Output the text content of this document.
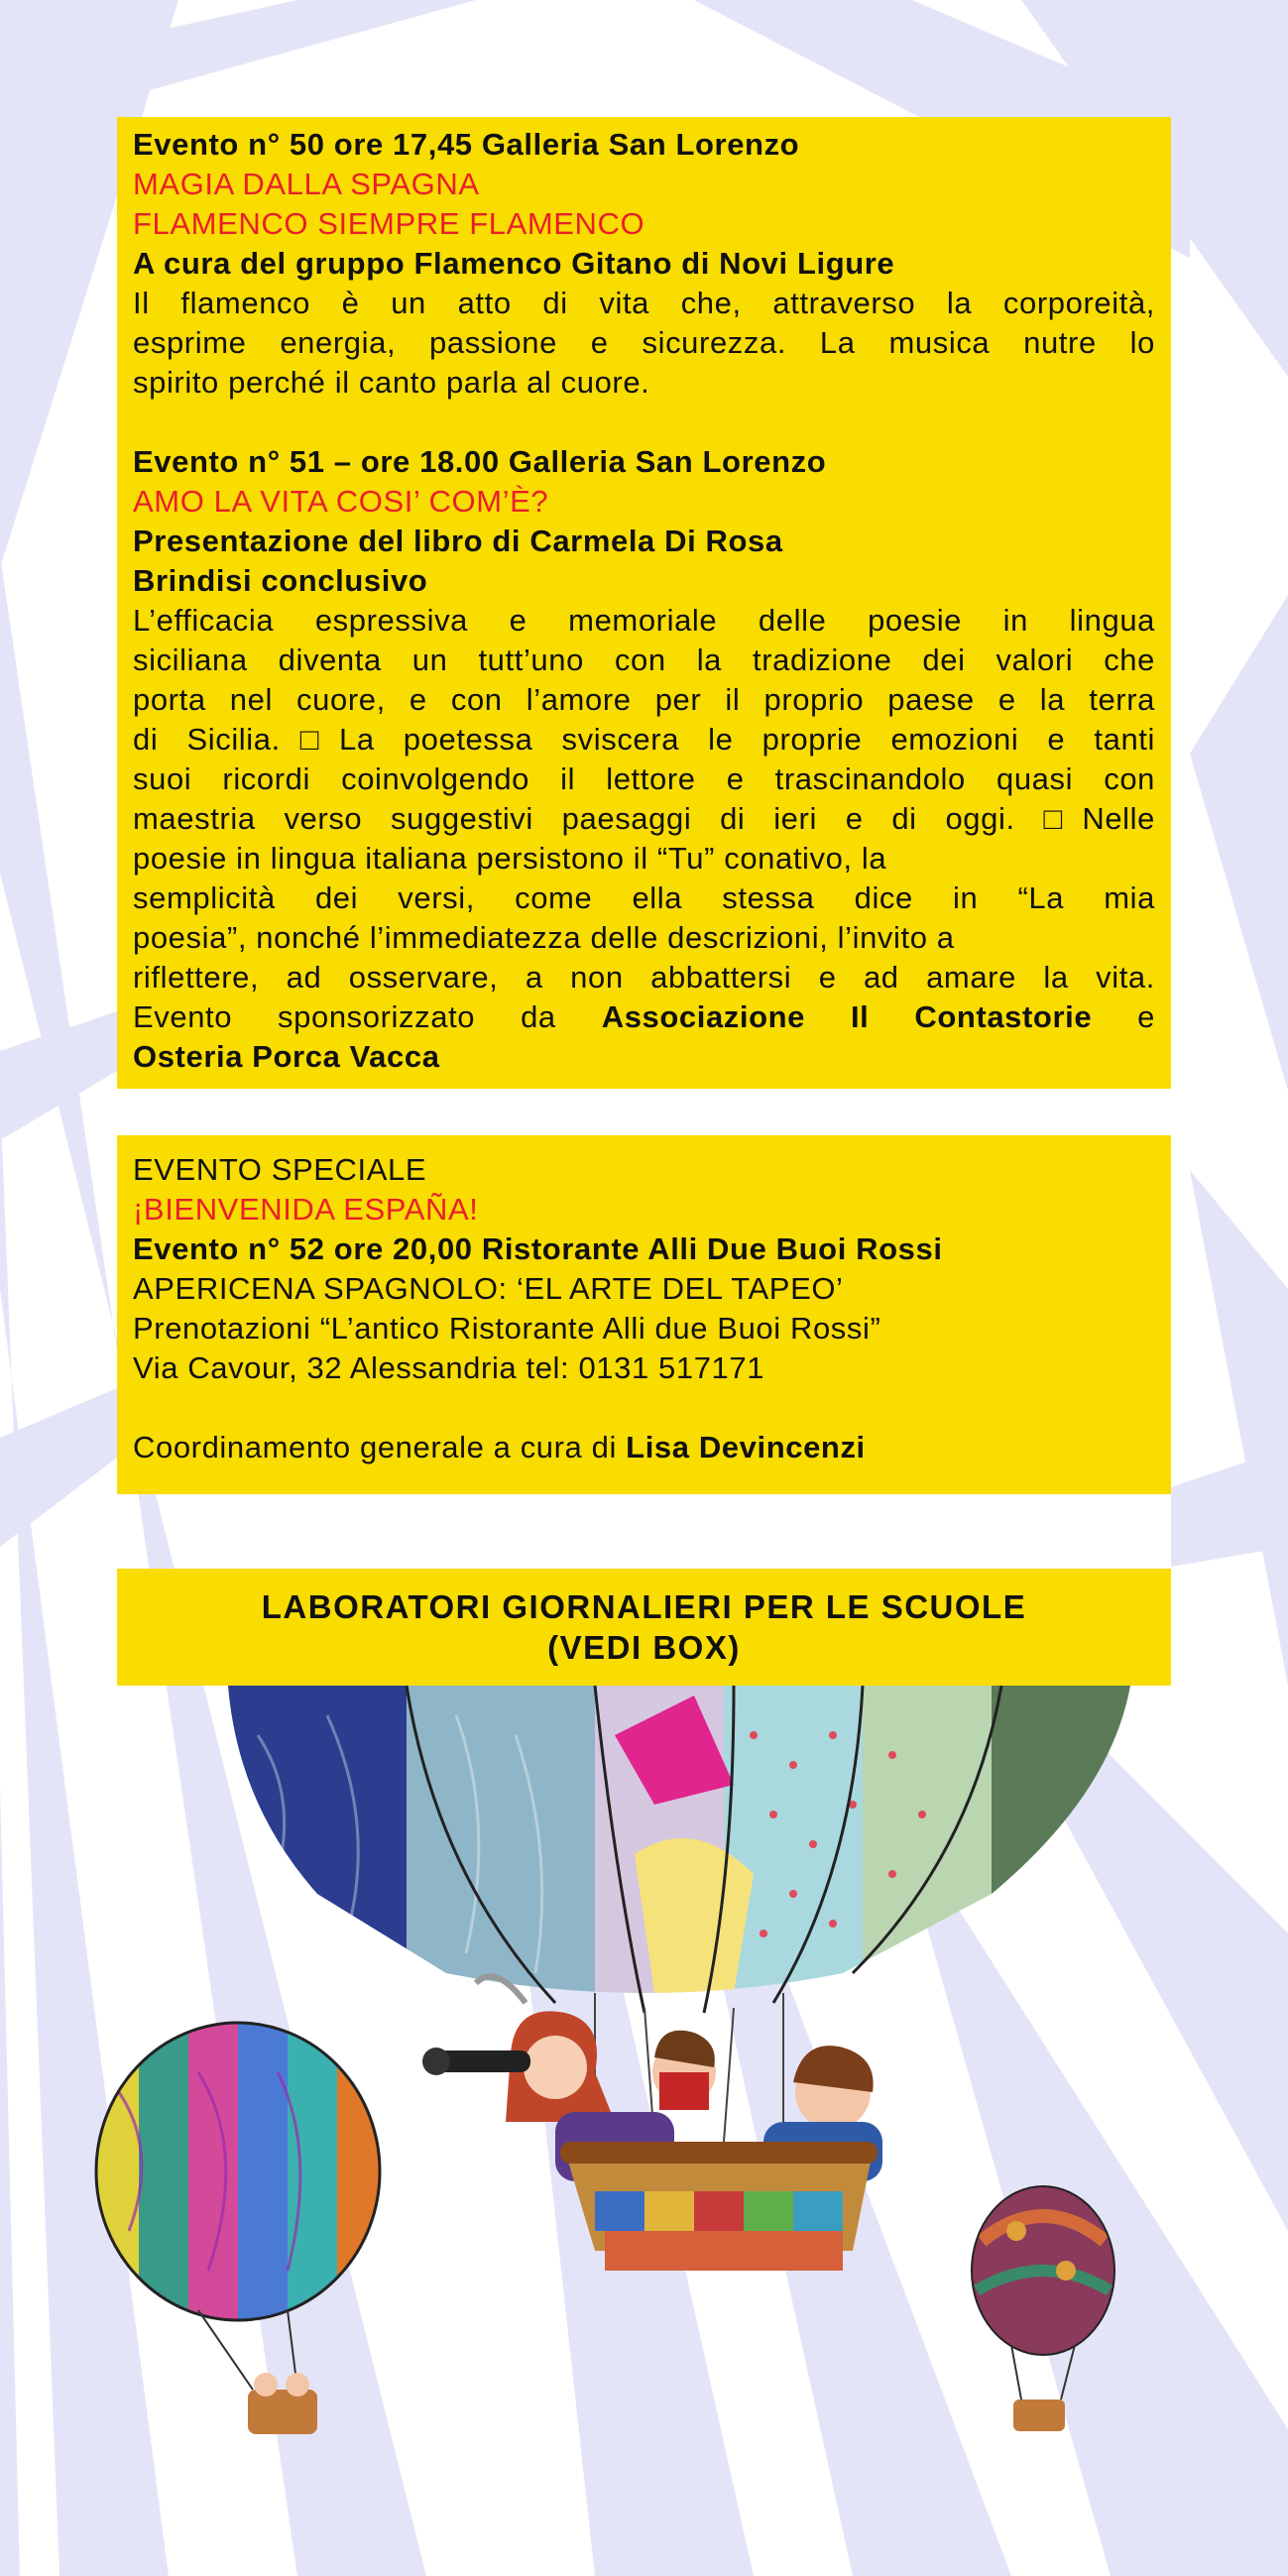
Evento n° 50 ore 17,45 Galleria San Lorenzo

MAGIA DALLA SPAGNA

FLAMENCO SIEMPRE FLAMENCO

A cura del gruppo Flamenco Gitano di Novi Ligure

Il flamenco è un atto di vita che, attraverso la corporeità,

esprime energia, passione e sicurezza. La musica nutre lo

spirito perché il canto parla al cuore.

Evento n° 51 – ore 18.00 Galleria San Lorenzo

AMO LA VITA COSI’ COM’È?

Presentazione del libro di Carmela Di Rosa

Brindisi conclusivo

L’efficacia espressiva e memoriale delle poesie in lingua

siciliana diventa un tutt’uno con la tradizione dei valori che

porta nel cuore, e con l’amore per il proprio paese e la terra

di Sicilia.□La poetessa sviscera le proprie emozioni e tanti

suoi ricordi coinvolgendo il lettore e trascinandolo quasi con

maestria verso suggestivi paesaggi di ieri e di oggi. □Nelle

poesie in lingua italiana persistono il “Tu” conativo, la

semplicità dei versi, come ella stessa dice in “La mia

poesia”, nonché l’immediatezza delle descrizioni, l’invito a

riflettere, ad osservare, a non abbattersi e ad amare la vita.

Evento sponsorizzato da Associazione Il Contastorie e

Osteria Porca Vacca

EVENTO SPECIALE

¡BIENVENIDA ESPAÑA!

Evento n° 52 ore 20,00 Ristorante Alli Due Buoi Rossi

APERICENA SPAGNOLO: ‘EL ARTE DEL TAPEO’

Prenotazioni “L’antico Ristorante Alli due Buoi Rossi”

Via Cavour, 32 Alessandria tel: 0131 517171

Coordinamento generale a cura di Lisa Devincenzi

LABORATORI GIORNALIERI PER LE SCUOLE
(VEDI BOX)
